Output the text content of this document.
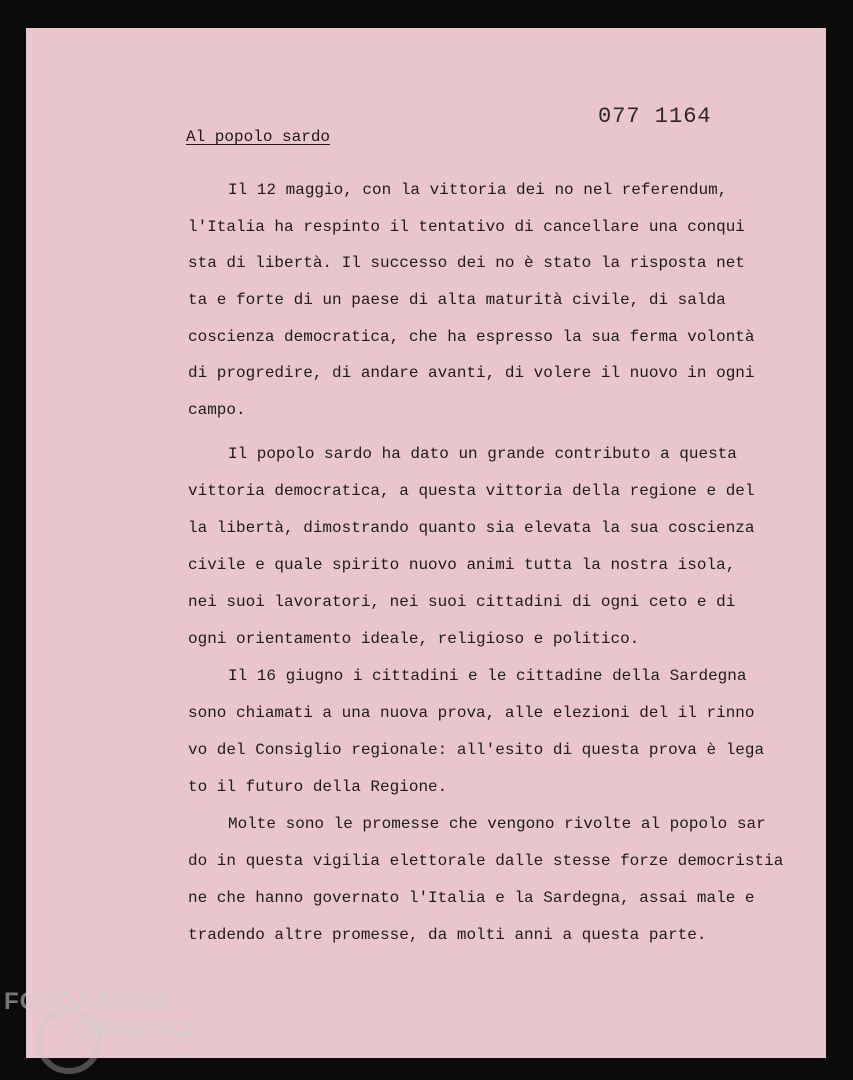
077 1164
Al popolo sardo
Il 12 maggio, con la vittoria dei no nel referendum,
l'Italia ha respinto il tentativo di cancellare una conqui
sta di libertà. Il successo dei no è stato la risposta net
ta e forte di un paese di alta maturità civile, di salda
coscienza democratica, che ha espresso la sua ferma volontà
di progredire, di andare avanti, di volere il nuovo in ogni
campo.
Il popolo sardo ha dato un grande contributo a questa
vittoria democratica, a questa vittoria della regione e del
la libertà, dimostrando quanto sia elevata la sua coscienza
civile e quale spirito nuovo animi tutta la nostra isola,
nei suoi lavoratori, nei suoi cittadini di ogni ceto e di
ogni orientamento ideale, religioso e politico.
Il 16 giugno i cittadini e le cittadine della Sardegna
sono chiamati a una nuova prova, alle elezioni del il rinno
vo del Consiglio regionale: all'esito di questa prova è lega
to il futuro della Regione.
Molte sono le promesse che vengono rivolte al popolo sar
do in questa vigilia elettorale dalle stesse forze democristia
ne che hanno governato l'Italia e la Sardegna, assai male e
tradendo altre promesse, da molti anni a questa parte.
FONDAZIONE
GRAMSCI
onlus
